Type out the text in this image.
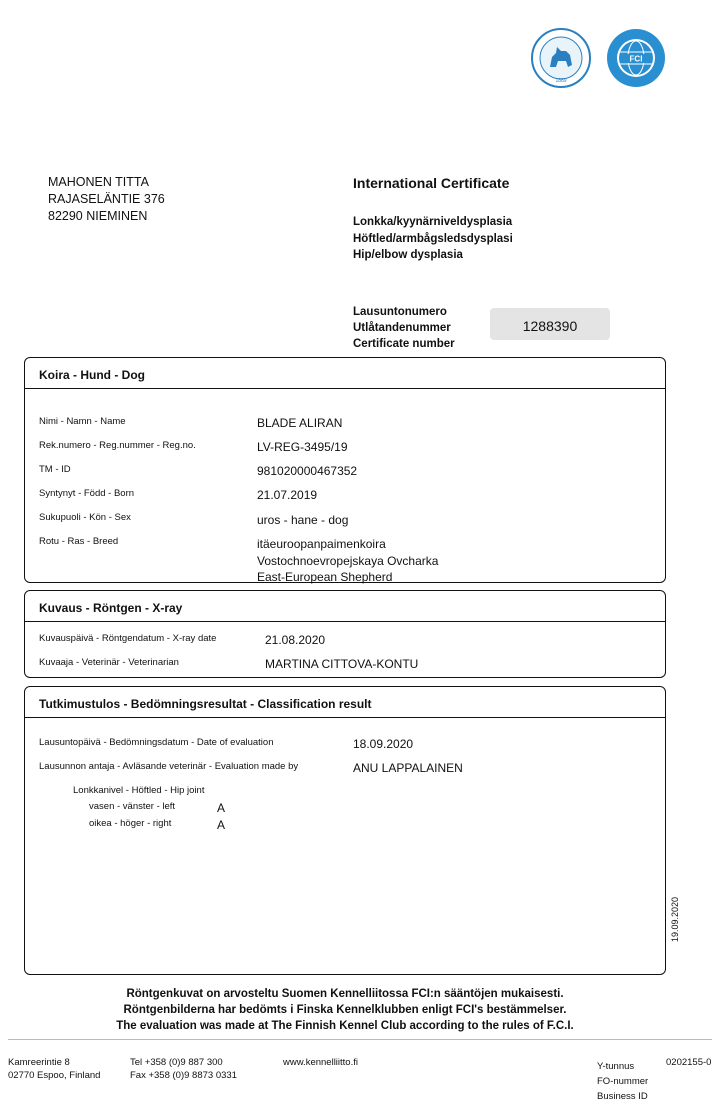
1889
FCI
MAHONEN TITTA
RAJASELÄNTIE 376
82290 NIEMINEN
International Certificate
Lonkka/kyynärniveldysplasia
Höftled/armbågsledsdysplasi
Hip/elbow dysplasia
Lausuntonumero
Utlåtandenummer
Certificate number
1288390
Koira - Hund - Dog
Nimi - Namn - Name	BLADE ALIRAN
Rek.numero - Reg.nummer - Reg.no.	LV-REG-3495/19
TM - ID	981020000467352
Syntynyt - Född - Born	21.07.2019
Sukupuoli - Kön - Sex	uros - hane - dog
Rotu - Ras - Breed	itäeuroopanpaimenkoira
Vostochnoevropejskaya Ovcharka
East-European Shepherd
Kuvaus - Röntgen - X-ray
Kuvauspäivä - Röntgendatum - X-ray date	21.08.2020
Kuvaaja - Veterinär - Veterinarian	MARTINA CITTOVA-KONTU
Tutkimustulos - Bedömningsresultat - Classification result
Lausuntopäivä - Bedömningsdatum - Date of evaluation	18.09.2020
Lausunnon antaja - Avläsande veterinär - Evaluation made by	ANU LAPPALAINEN
Lonkkanivel - Höftled - Hip joint
vasen - vänster - left	A
oikea - höger - right	A
19.09.2020
Röntgenkuvat on arvosteltu Suomen Kennelliitossa FCI:n sääntöjen mukaisesti.
Röntgenbilderna har bedömts i Finska Kennelklubben enligt FCI's bestämmelser.
The evaluation was made at The Finnish Kennel Club according to the rules of F.C.I.
Kamreerintie 8
02770 Espoo, Finland
Tel +358 (0)9 887 300
Fax +358 (0)9 8873 0331
www.kennelliitto.fi	Y-tunnus
FO-nummer
Business ID
0202155-0
